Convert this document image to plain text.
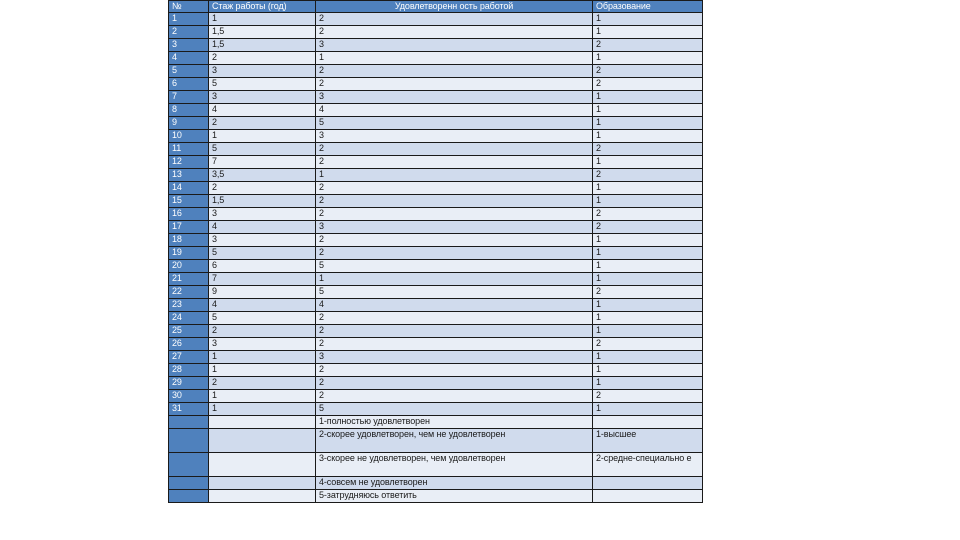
№	Стаж работы (год)	Удовлетворенн ость работой	Образование
1	1	2	1
2	1,5	2	1
3	1,5	3	2
4	2	1	1
5	3	2	2
6	5	2	2
7	3	3	1
8	4	4	1
9	2	5	1
10	1	3	1
11	5	2	2
12	7	2	1
13	3,5	1	2
14	2	2	1
15	1,5	2	1
16	3	2	2
17	4	3	2
18	3	2	1
19	5	2	1
20	6	5	1
21	7	1	1
22	9	5	2
23	4	4	1
24	5	2	1
25	2	2	1
26	3	2	2
27	1	3	1
28	1	2	1
29	2	2	1
30	1	2	2
31	1	5	1
		1-полностью удовлетворен	
		2-скорее удовлетворен, чем не удовлетворен	1-высшее
		3-скорее не удовлетворен, чем удовлетворен	2-средне-специально е
		4-совсем не удовлетворен	
		5-затрудняюсь ответить	
